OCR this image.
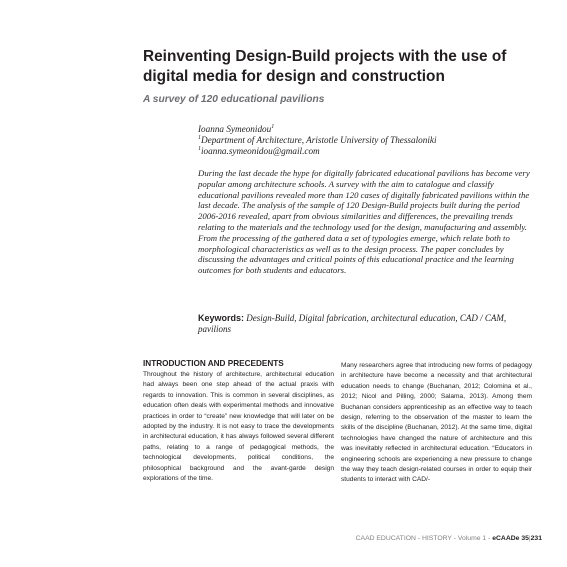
Reinventing Design-Build projects with the use of digital media for design and construction

A survey of 120 educational pavilions

Ioanna Symeonidou$^1$
$^1$Department of Architecture, Aristotle University of Thessaloniki
$^1$ioanna.symeonidou@gmail.com

During the last decade the hype for digitally fabricated educational pavilions has become very popular among architecture schools. A survey with the aim to catalogue and classify educational pavilions revealed more than 120 cases of digitally fabricated pavilions within the last decade. The analysis of the sample of 120 Design-Build projects built during the period 2006-2016 revealed, apart from obvious similarities and differences, the prevailing trends relating to the materials and the technology used for the design, manufacturing and assembly. From the processing of the gathered data a set of typologies emerge, which relate both to morphological characteristics as well as to the design process. The paper concludes by discussing the advantages and critical points of this educational practice and the learning outcomes for both students and educators.

Keywords: Design-Build, Digital fabrication, architectural education, CAD / CAM, pavilions

INTRODUCTION AND PRECEDENTS

Throughout the history of architecture, architectural education had always been one step ahead of the actual praxis with regards to innovation. This is common in several disciplines, as education often deals with experimental methods and innovative practices in order to “create” new knowledge that will later on be adopted by the industry. It is not easy to trace the developments in architectural education, it has always followed several different paths, relating to a range of pedagogical methods, the technological developments, political conditions, the philosophical background and the avant-garde design explorations of the time.

Many researchers agree that introducing new forms of pedagogy in architecture have become a necessity and that architectural education needs to change (Buchanan, 2012; Colomina et al., 2012; Nicol and Pilling, 2000; Salama, 2013). Among them Buchanan considers apprenticeship as an effective way to teach design, referring to the observation of the master to learn the skills of the discipline (Buchanan, 2012). At the same time, digital technologies have changed the nature of architecture and this was inevitably reflected in architectural education. “Educators in engineering schools are experiencing a new pressure to change the way they teach design-related courses in order to equip their students to interact with CAD/-

CAAD EDUCATION - HISTORY - Volume 1 - eCAADe 35|231
